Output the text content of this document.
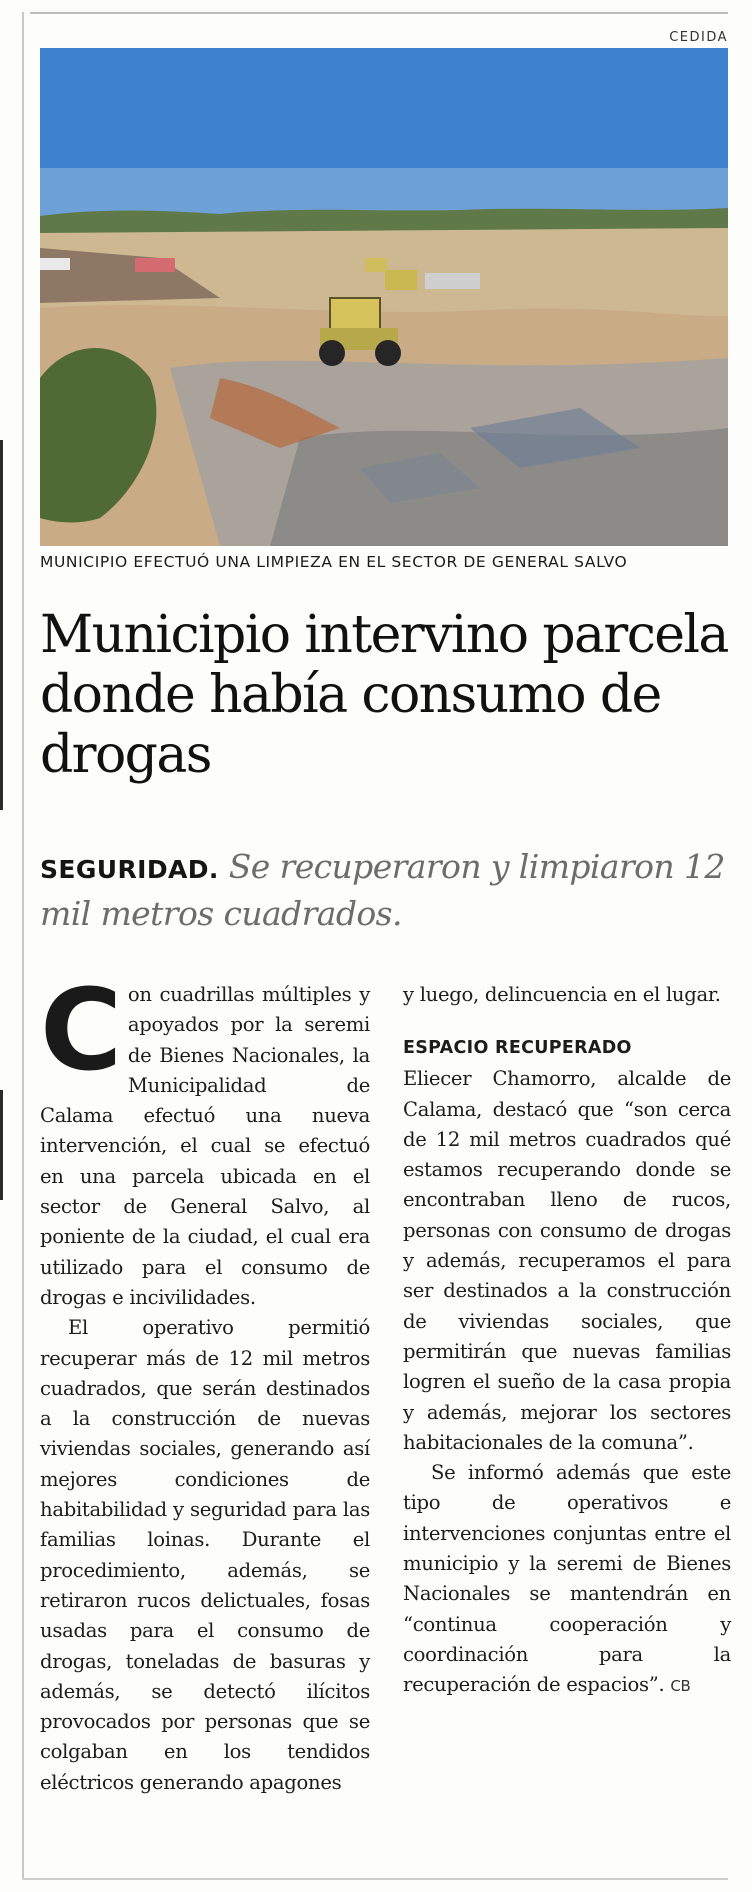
CEDIDA
MUNICIPIO EFECTUÓ UNA LIMPIEZA EN EL SECTOR DE GENERAL SALVO
Municipio intervino parcela donde había consumo de drogas
SEGURIDAD. Se recuperaron y limpiaron 12 mil metros cuadrados.

Con cuadrillas múltiples y apoyados por la seremi de Bienes Nacionales, la Municipalidad de Calama efectuó una nueva intervención, el cual se efectuó en una parcela ubicada en el sector de General Salvo, al poniente de la ciudad, el cual era utilizado para el consumo de drogas e incivilidades.

El operativo permitió recuperar más de 12 mil metros cuadrados, que serán destinados a la construcción de nuevas viviendas sociales, generando así mejores condiciones de habitabilidad y seguridad para las familias loinas. Durante el procedimiento, además, se retiraron rucos delictuales, fosas usadas para el consumo de drogas, toneladas de basuras y además, se detectó ilícitos provocados por personas que se colgaban en los tendidos eléctricos generando apagones

y luego, delincuencia en el lugar.

ESPACIO RECUPERADO

Eliecer Chamorro, alcalde de Calama, destacó que “son cerca de 12 mil metros cuadrados qué estamos recuperando donde se encontraban lleno de rucos, personas con consumo de drogas y además, recuperamos el para ser destinados a la construcción de viviendas sociales, que permitirán que nuevas familias logren el sueño de la casa propia y además, mejorar los sectores habitacionales de la comuna”.

Se informó además que este tipo de operativos e intervenciones conjuntas entre el municipio y la seremi de Bienes Nacionales se mantendrán en “continua cooperación y coordinación para la recuperación de espacios”. CB
